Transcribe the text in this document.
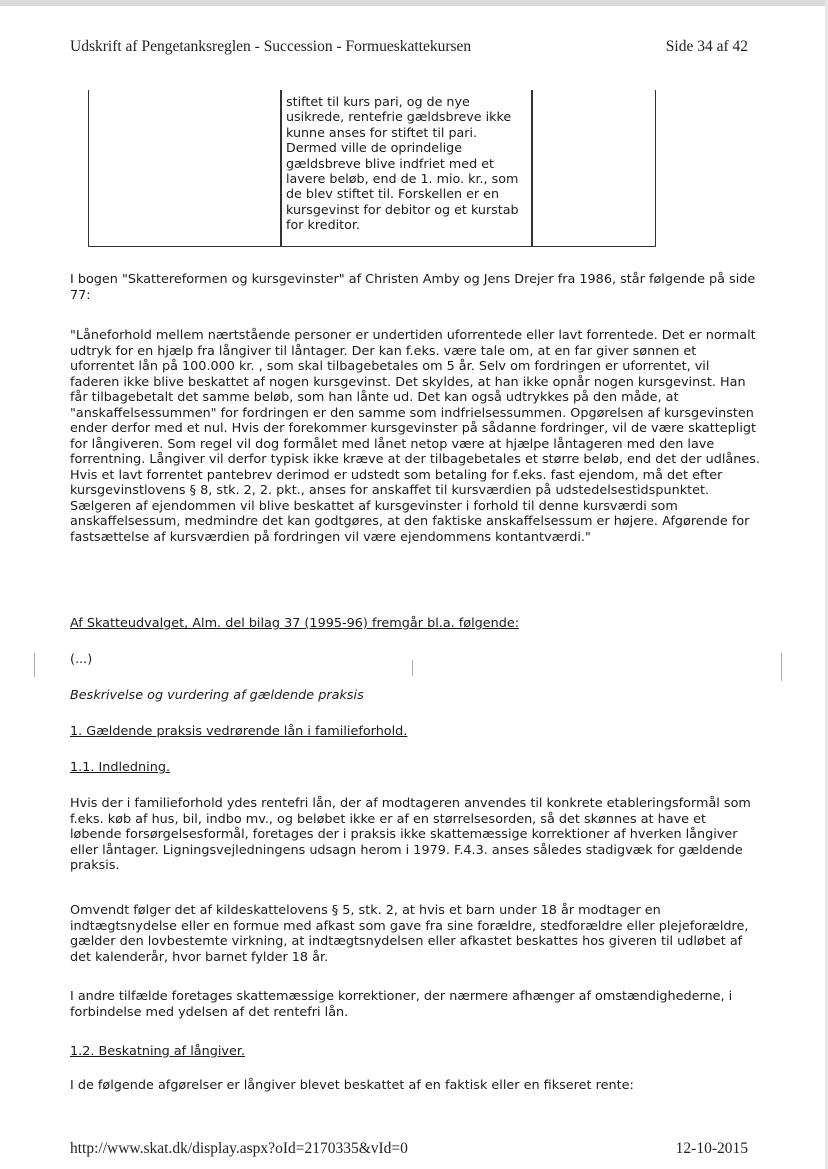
Udskrift af Pengetanksreglen - Succession - Formueskattekursen	Side 34 af 42
stiftet til kurs pari, og de nye usikrede, rentefrie gældsbreve ikke kunne anses for stiftet til pari. Dermed ville de oprindelige gældsbreve blive indfriet med et lavere beløb, end de 1. mio. kr., som de blev stiftet til. Forskellen er en kursgevinst for debitor og et kurstab for kreditor.
I bogen "Skattereformen og kursgevinster" af Christen Amby og Jens Drejer fra 1986, står følgende på side 77:
"Låneforhold mellem nærtstående personer er undertiden uforrentede eller lavt forrentede. Det er normalt udtryk for en hjælp fra långiver til låntager. Der kan f.eks. være tale om, at en far giver sønnen et uforrentet lån på 100.000 kr. , som skal tilbagebetales om 5 år. Selv om fordringen er uforrentet, vil faderen ikke blive beskattet af nogen kursgevinst. Det skyldes, at han ikke opnår nogen kursgevinst. Han får tilbagebetalt det samme beløb, som han lånte ud. Det kan også udtrykkes på den måde, at "anskaffelsessummen" for fordringen er den samme som indfrielsessummen. Opgørelsen af kursgevinsten ender derfor med et nul. Hvis der forekommer kursgevinster på sådanne fordringer, vil de være skattepligt for långiveren. Som regel vil dog formålet med lånet netop være at hjælpe låntageren med den lave forrentning. Långiver vil derfor typisk ikke kræve at der tilbagebetales et større beløb, end det der udlånes. Hvis et lavt forrentet pantebrev derimod er udstedt som betaling for f.eks. fast ejendom, må det efter kursgevinstlovens § 8, stk. 2, 2. pkt., anses for anskaffet til kursværdien på udstedelsestidspunktet. Sælgeren af ejendommen vil blive beskattet af kursgevinster i forhold til denne kursværdi som anskaffelsessum, medmindre det kan godtgøres, at den faktiske anskaffelsessum er højere. Afgørende for fastsættelse af kursværdien på fordringen vil være ejendommens kontantværdi."
Af Skatteudvalget, Alm. del bilag 37 (1995-96) fremgår bl.a. følgende:
(...)
Beskrivelse og vurdering af gældende praksis
1. Gældende praksis vedrørende lån i familieforhold.
1.1. Indledning.
Hvis der i familieforhold ydes rentefri lån, der af modtageren anvendes til konkrete etableringsformål som f.eks. køb af hus, bil, indbo mv., og beløbet ikke er af en størrelsesorden, så det skønnes at have et løbende forsørgelsesformål, foretages der i praksis ikke skattemæssige korrektioner af hverken långiver eller låntager. Ligningsvejledningens udsagn herom i 1979. F.4.3. anses således stadigvæk for gældende praksis.
Omvendt følger det af kildeskattelovens § 5, stk. 2, at hvis et barn under 18 år modtager en indtægtsnydelse eller en formue med afkast som gave fra sine forældre, stedforældre eller plejeforældre, gælder den lovbestemte virkning, at indtægtsnydelsen eller afkastet beskattes hos giveren til udløbet af det kalenderår, hvor barnet fylder 18 år.
I andre tilfælde foretages skattemæssige korrektioner, der nærmere afhænger af omstændighederne, i forbindelse med ydelsen af det rentefri lån.
1.2. Beskatning af långiver.
I de følgende afgørelser er långiver blevet beskattet af en faktisk eller en fikseret rente:
http://www.skat.dk/display.aspx?oId=2170335&vId=0	12-10-2015
